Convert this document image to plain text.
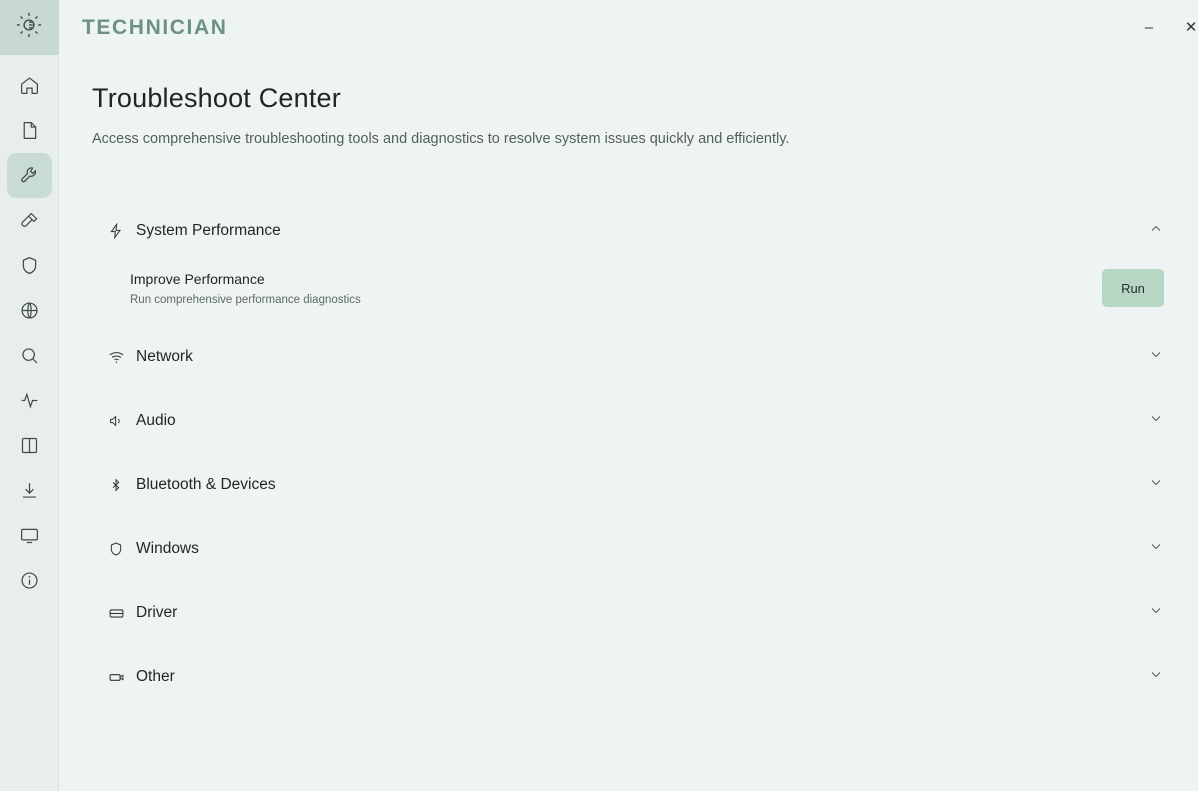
TECHNICIAN	–	✕
Troubleshoot Center
Access comprehensive troubleshooting tools and diagnostics to resolve system issues quickly and efficiently.
System Performance
Improve Performance
Run comprehensive performance diagnostics
Run
Network
Audio
Bluetooth & Devices
Windows
Driver
Other
